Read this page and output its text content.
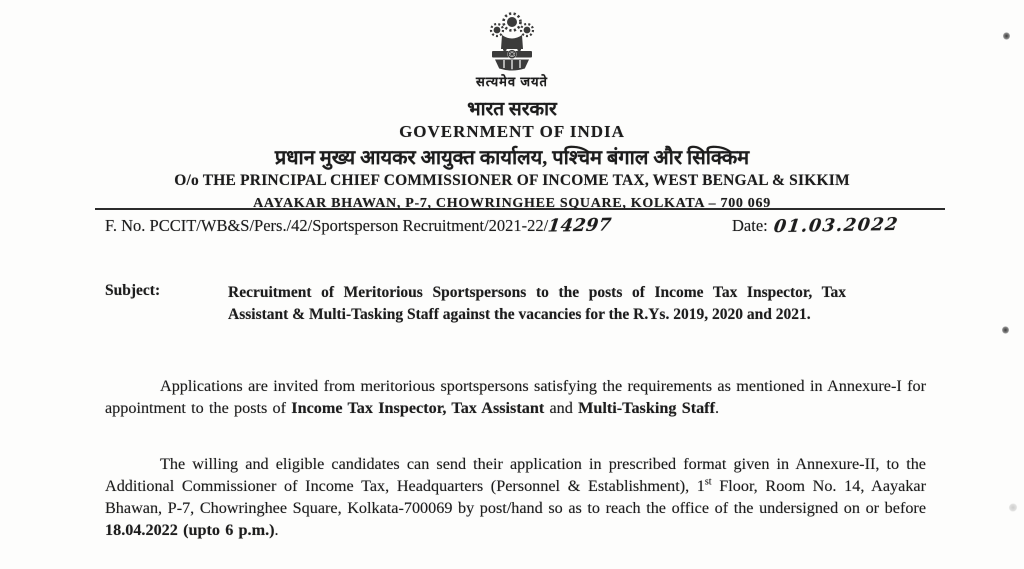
सत्यमेव जयते
भारत सरकार
GOVERNMENT OF INDIA
प्रधान मुख्य आयकर आयुक्त कार्यालय, पश्चिम बंगाल और सिक्किम
O/o THE PRINCIPAL CHIEF COMMISSIONER OF INCOME TAX, WEST BENGAL & SIKKIM
AAYAKAR BHAWAN, P-7, CHOWRINGHEE SQUARE, KOLKATA – 700 069
F. No. PCCIT/WB&S/Pers./42/Sportsperson Recruitment/2021-22/14297	Date: 01.03.2022
Subject:	Recruitment of Meritorious Sportspersons to the posts of Income Tax Inspector, Tax Assistant & Multi-Tasking Staff against the vacancies for the R.Ys. 2019, 2020 and 2021.

Applications are invited from meritorious sportspersons satisfying the requirements as mentioned in Annexure-I for appointment to the posts of Income Tax Inspector, Tax Assistant and Multi-Tasking Staff.

The willing and eligible candidates can send their application in prescribed format given in Annexure-II, to the Additional Commissioner of Income Tax, Headquarters (Personnel & Establishment), 1st Floor, Room No. 14, Aayakar Bhawan, P-7, Chowringhee Square, Kolkata-700069 by post/hand so as to reach the office of the undersigned on or before 18.04.2022 (upto 6 p.m.).
